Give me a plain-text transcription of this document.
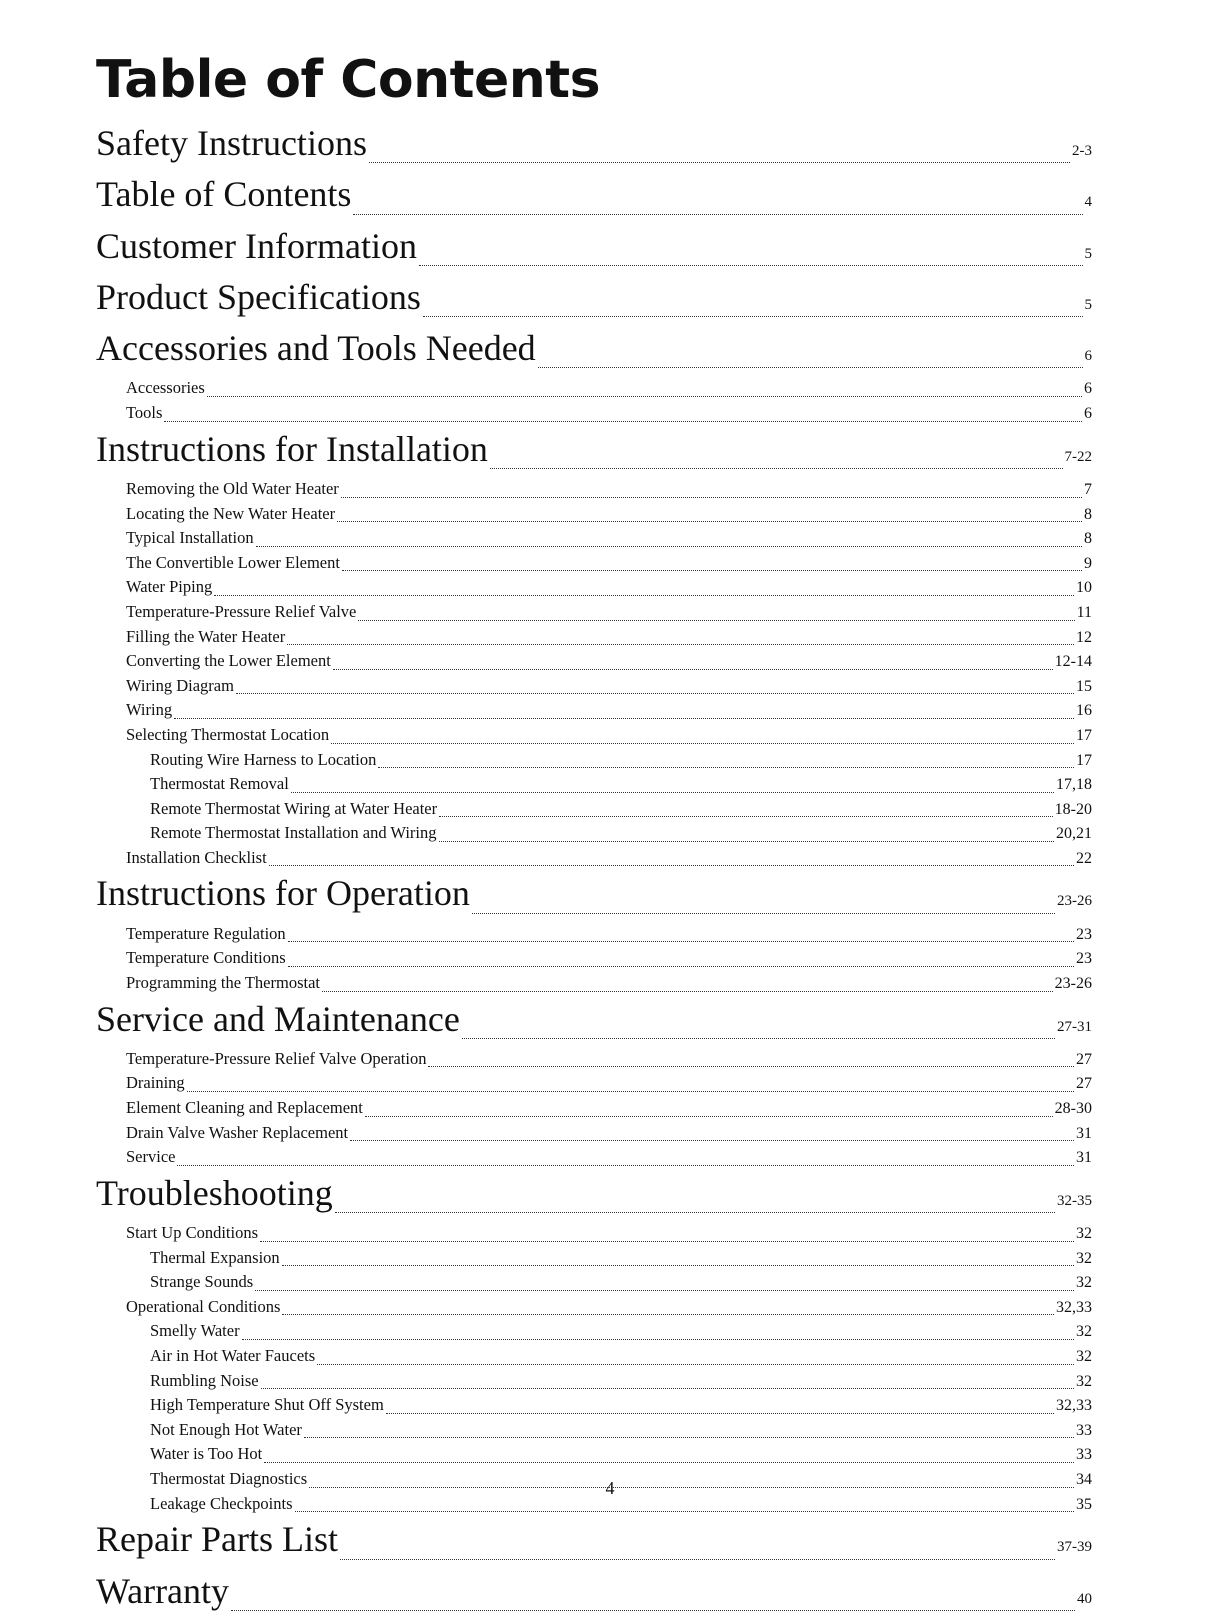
Table of Contents
Safety Instructions	2-3
Table of Contents	4
Customer Information	5
Product Specifications	5
Accessories and Tools Needed	6
Accessories	6
Tools	6
Instructions for Installation	7-22
Removing the Old Water Heater	7
Locating the New Water Heater	8
Typical Installation	8
The Convertible Lower Element	9
Water Piping	10
Temperature-Pressure Relief Valve	11
Filling the Water Heater	12
Converting the Lower Element	12-14
Wiring Diagram	15
Wiring	16
Selecting Thermostat Location	17
Routing Wire Harness to Location	17
Thermostat Removal	17,18
Remote Thermostat Wiring at Water Heater	18-20
Remote Thermostat Installation and Wiring	20,21
Installation Checklist	22
Instructions for Operation	23-26
Temperature Regulation	23
Temperature Conditions	23
Programming the Thermostat	23-26
Service and Maintenance	27-31
Temperature-Pressure Relief Valve Operation	27
Draining	27
Element Cleaning and Replacement	28-30
Drain Valve Washer Replacement	31
Service	31
Troubleshooting	32-35
Start Up Conditions	32
Thermal Expansion	32
Strange Sounds	32
Operational Conditions	32,33
Smelly Water	32
Air in Hot Water Faucets	32
Rumbling Noise	32
High Temperature Shut Off System	32,33
Not Enough Hot Water	33
Water is Too Hot	33
Thermostat Diagnostics	34
Leakage Checkpoints	35
Repair Parts List	37-39
Warranty	40
4
